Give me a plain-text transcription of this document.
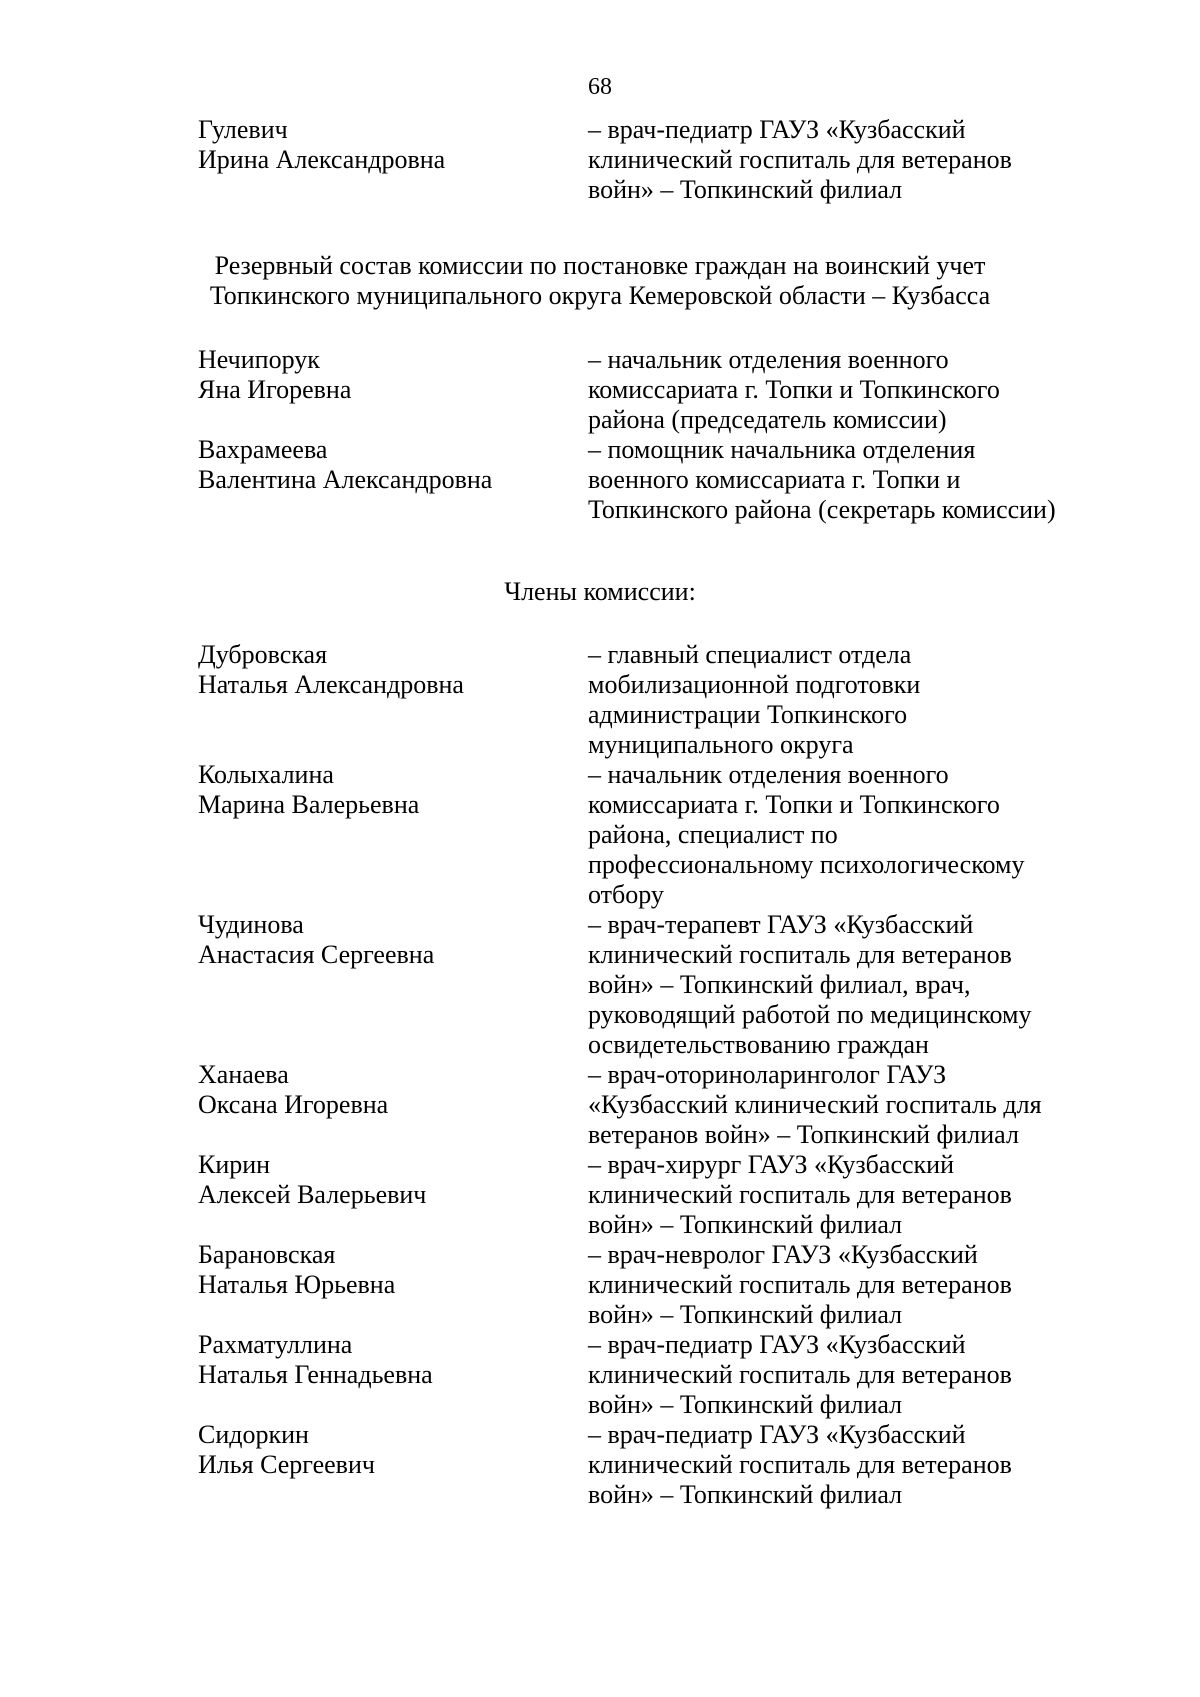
68
Гулевич
Ирина Александровна
– врач-педиатр ГАУЗ «Кузбасский
клинический госпиталь для ветеранов
войн» – Топкинский филиал
Резервный состав комиссии по постановке граждан на воинский учет
Топкинского муниципального округа Кемеровской области – Кузбасса
Нечипорук
Яна Игоревна
– начальник отделения военного
комиссариата г. Топки и Топкинского
района (председатель комиссии)
Вахрамеева
Валентина Александровна
– помощник начальника отделения
военного комиссариата г. Топки и
Топкинского района (секретарь комиссии)
Члены комиссии:
Дубровская
Наталья Александровна
– главный специалист отдела
мобилизационной подготовки
администрации Топкинского
муниципального округа
Колыхалина
Марина Валерьевна
– начальник отделения военного
комиссариата г. Топки и Топкинского
района, специалист по
профессиональному психологическому
отбору
Чудинова
Анастасия Сергеевна
– врач-терапевт ГАУЗ «Кузбасский
клинический госпиталь для ветеранов
войн» – Топкинский филиал, врач,
руководящий работой по медицинскому
освидетельствованию граждан
Ханаева
Оксана Игоревна
– врач-оториноларинголог ГАУЗ
«Кузбасский клинический госпиталь для
ветеранов войн» – Топкинский филиал
Кирин
Алексей Валерьевич
– врач-хирург ГАУЗ «Кузбасский
клинический госпиталь для ветеранов
войн» – Топкинский филиал
Барановская
Наталья Юрьевна
– врач-невролог ГАУЗ «Кузбасский
клинический госпиталь для ветеранов
войн» – Топкинский филиал
Рахматуллина
Наталья Геннадьевна
– врач-педиатр ГАУЗ «Кузбасский
клинический госпиталь для ветеранов
войн» – Топкинский филиал
Сидоркин
Илья Сергеевич
– врач-педиатр ГАУЗ «Кузбасский
клинический госпиталь для ветеранов
войн» – Топкинский филиал
